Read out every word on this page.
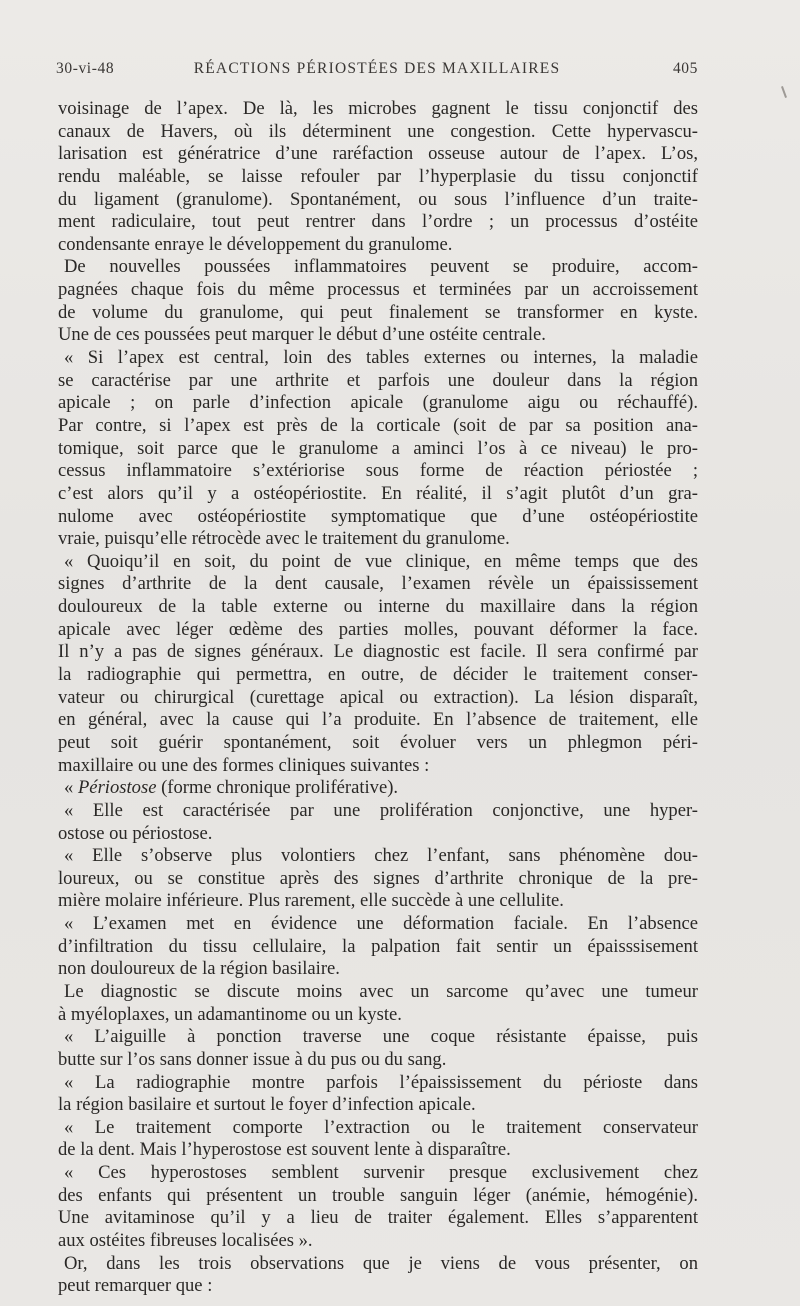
30-vi-48	RÉACTIONS PÉRIOSTÉES DES MAXILLAIRES	405
voisinage de l’apex. De là, les microbes gagnent le tissu conjonctif des
canaux de Havers, où ils déterminent une congestion. Cette hypervascu-
larisation est génératrice d’une raréfaction osseuse autour de l’apex. L’os,
rendu maléable, se laisse refouler par l’hyperplasie du tissu conjonctif
du ligament (granulome). Spontanément, ou sous l’influence d’un traite-
ment radiculaire, tout peut rentrer dans l’ordre ; un processus d’ostéite
condensante enraye le développement du granulome.
De nouvelles poussées inflammatoires peuvent se produire, accom-
pagnées chaque fois du même processus et terminées par un accroissement
de volume du granulome, qui peut finalement se transformer en kyste.
Une de ces poussées peut marquer le début d’une ostéite centrale.
« Si l’apex est central, loin des tables externes ou internes, la maladie
se caractérise par une arthrite et parfois une douleur dans la région
apicale ; on parle d’infection apicale (granulome aigu ou réchauffé).
Par contre, si l’apex est près de la corticale (soit de par sa position ana-
tomique, soit parce que le granulome a aminci l’os à ce niveau) le pro-
cessus inflammatoire s’extériorise sous forme de réaction périostée ;
c’est alors qu’il y a ostéopériostite. En réalité, il s’agit plutôt d’un gra-
nulome avec ostéopériostite symptomatique que d’une ostéopériostite
vraie, puisqu’elle rétrocède avec le traitement du granulome.
« Quoiqu’il en soit, du point de vue clinique, en même temps que des
signes d’arthrite de la dent causale, l’examen révèle un épaississement
douloureux de la table externe ou interne du maxillaire dans la région
apicale avec léger œdème des parties molles, pouvant déformer la face.
Il n’y a pas de signes généraux. Le diagnostic est facile. Il sera confirmé par
la radiographie qui permettra, en outre, de décider le traitement conser-
vateur ou chirurgical (curettage apical ou extraction). La lésion disparaît,
en général, avec la cause qui l’a produite. En l’absence de traitement, elle
peut soit guérir spontanément, soit évoluer vers un phlegmon péri-
maxillaire ou une des formes cliniques suivantes :
« Périostose (forme chronique proliférative).
« Elle est caractérisée par une prolifération conjonctive, une hyper-
ostose ou périostose.
« Elle s’observe plus volontiers chez l’enfant, sans phénomène dou-
loureux, ou se constitue après des signes d’arthrite chronique de la pre-
mière molaire inférieure. Plus rarement, elle succède à une cellulite.
« L’examen met en évidence une déformation faciale. En l’absence
d’infiltration du tissu cellulaire, la palpation fait sentir un épaisssisement
non douloureux de la région basilaire.
Le diagnostic se discute moins avec un sarcome qu’avec une tumeur
à myéloplaxes, un adamantinome ou un kyste.
« L’aiguille à ponction traverse une coque résistante épaisse, puis
butte sur l’os sans donner issue à du pus ou du sang.
« La radiographie montre parfois l’épaississement du périoste dans
la région basilaire et surtout le foyer d’infection apicale.
« Le traitement comporte l’extraction ou le traitement conservateur
de la dent. Mais l’hyperostose est souvent lente à disparaître.
« Ces hyperostoses semblent survenir presque exclusivement chez
des enfants qui présentent un trouble sanguin léger (anémie, hémogénie).
Une avitaminose qu’il y a lieu de traiter également. Elles s’apparentent
aux ostéites fibreuses localisées ».
Or, dans les trois observations que je viens de vous présenter, on
peut remarquer que :
